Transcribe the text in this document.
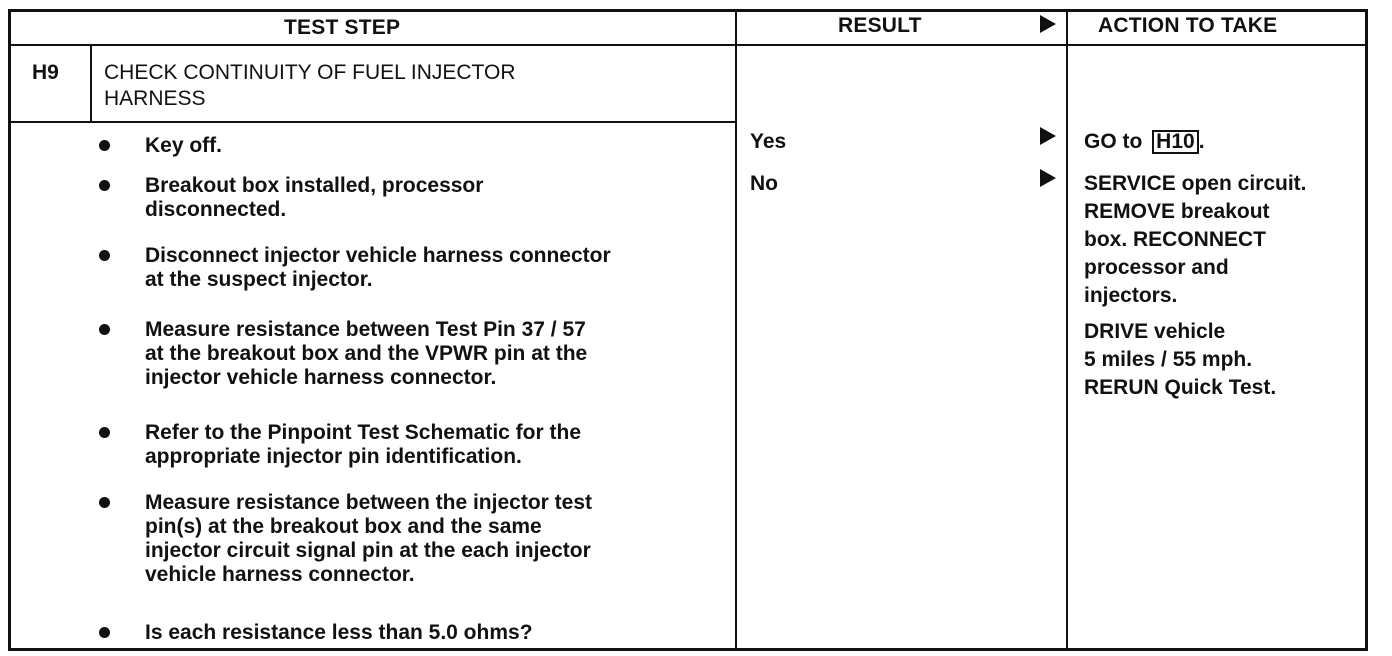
TEST STEP	RESULT	ACTION TO TAKE
H9 CHECK CONTINUITY OF FUEL INJECTOR
HARNESS
Key off.
Breakout box installed, processor
disconnected.
Disconnect injector vehicle harness connector
at the suspect injector.
Measure resistance between Test Pin 37 / 57
at the breakout box and the VPWR pin at the
injector vehicle harness connector.
Refer to the Pinpoint Test Schematic for the
appropriate injector pin identification.
Measure resistance between the injector test
pin(s) at the breakout box and the same
injector circuit signal pin at the each injector
vehicle harness connector.
Is each resistance less than 5.0 ohms?
Yes
No
GO to H10 .
SERVICE open circuit.
REMOVE breakout
box. RECONNECT
processor and
injectors.
DRIVE vehicle
5 miles / 55 mph.
RERUN Quick Test.
